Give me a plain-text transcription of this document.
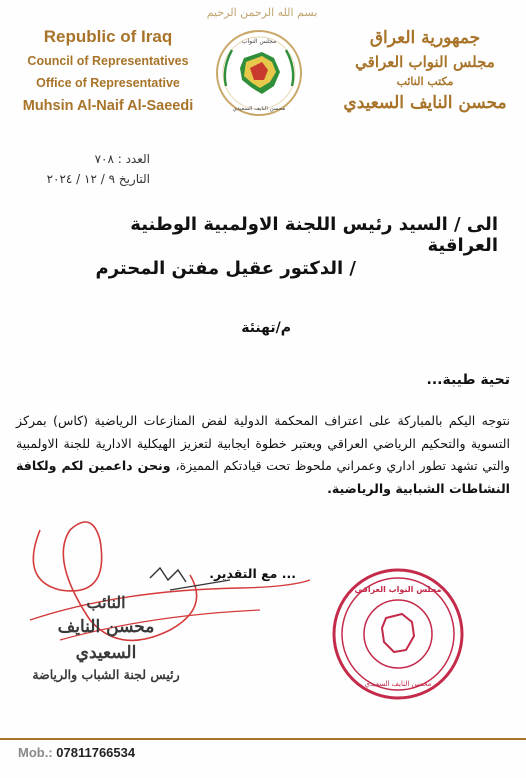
Republic of Iraq
Council of Representatives
Office of Representative
Muhsin Al-Naif Al-Saeedi
بسم الله الرحمن الرحيم
مجلس النواب
محسن النايف السعيدي
جمهورية العراق
مجلس النواب العراقي
مكتب النائب
محسن النايف السعيدي
العدد : ٧٠٨
التاريخ ٩ / ١٢ / ٢٠٢٤
الى / السيد رئيس اللجنة الاولمبية الوطنية العراقية
/ الدكتور عقيل مفتن المحترم
م/تهنئة
تحية طيبة...
نتوجه اليكم بالمباركة على اعتراف المحكمة الدولية لفض المنازعات الرياضية (كاس) بمركز التسوية والتحكيم الرياضي العراقي ويعتبر خطوة ايجابية لتعزيز الهيكلية الادارية للجنة الاولمبية والتي تشهد تطور اداري وعمراني ملحوظ تحت قيادتكم المميزة، ونحن داعمين لكم ولكافة النشاطات الشبابية والرياضية.
... مع التقدير.
النائب
محسن النايف السعيدي
رئيس لجنة الشباب والرياضة
مجلس النواب العراقي
محسن النايف السعيدي
Mob.: 07811766534
